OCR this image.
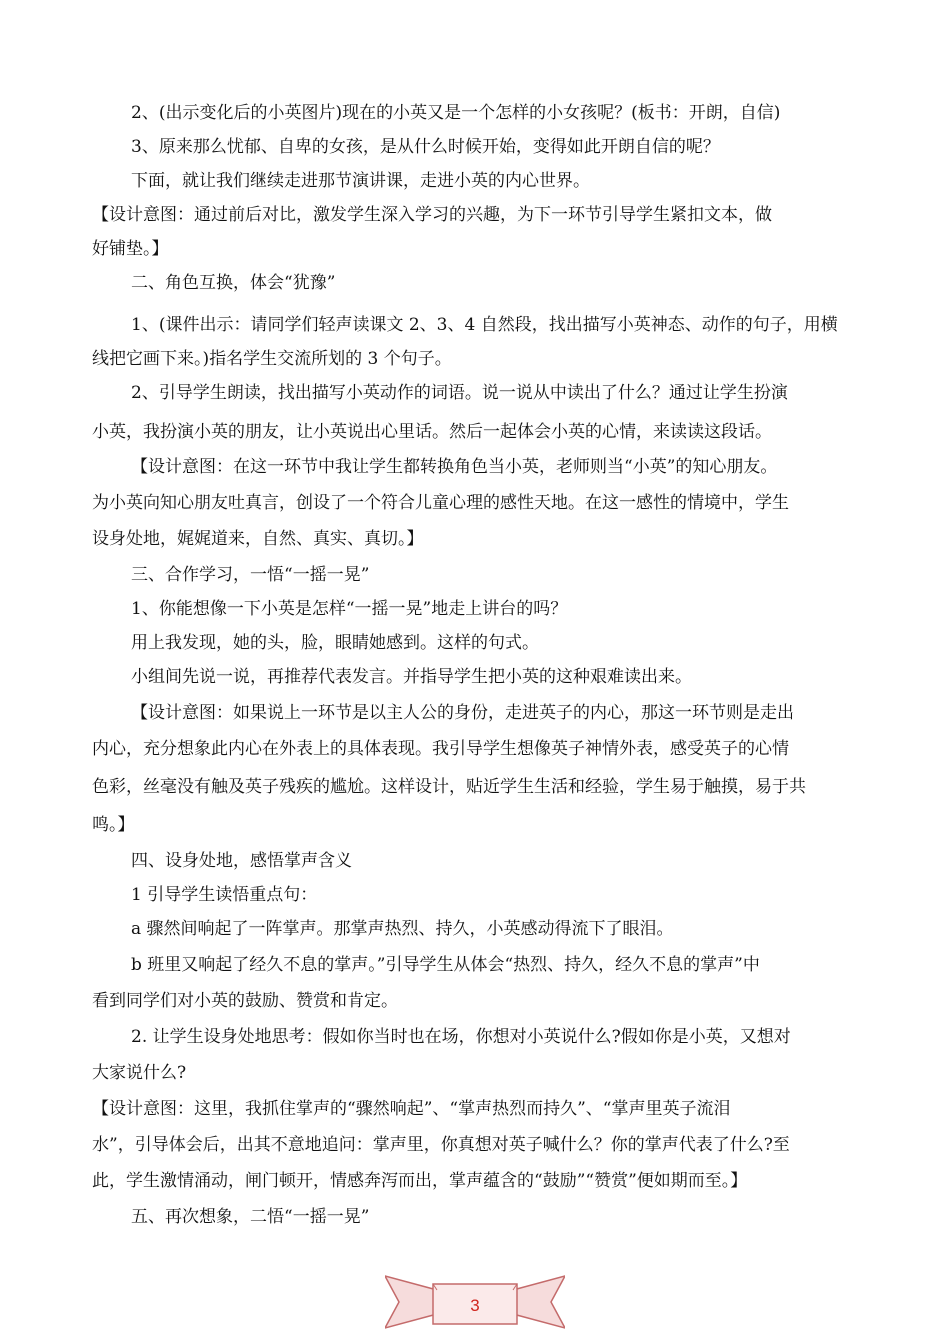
2、(出示变化后的小英图片)现在的小英又是一个怎样的小女孩呢？(板书：开朗，自信)
3、原来那么忧郁、自卑的女孩，是从什么时候开始，变得如此开朗自信的呢？
下面，就让我们继续走进那节演讲课，走进小英的内心世界。
【设计意图：通过前后对比，激发学生深入学习的兴趣，为下一环节引导学生紧扣文本，做
好铺垫。】
二、角色互换，体会“犹豫”
1、(课件出示：请同学们轻声读课文 2、3、4 自然段，找出描写小英神态、动作的句子，用横
线把它画下来。)指名学生交流所划的 3 个句子。
2、引导学生朗读，找出描写小英动作的词语。说一说从中读出了什么？通过让学生扮演
小英，我扮演小英的朋友，让小英说出心里话。然后一起体会小英的心情，来读读这段话。
【设计意图：在这一环节中我让学生都转换角色当小英，老师则当“小英”的知心朋友。
为小英向知心朋友吐真言，创设了一个符合儿童心理的感性天地。在这一感性的情境中，学生
设身处地，娓娓道来，自然、真实、真切。】
三、合作学习，一悟“一摇一晃”
1、你能想像一下小英是怎样“一摇一晃”地走上讲台的吗？
用上我发现，她的头，脸，眼睛她感到。这样的句式。
小组间先说一说，再推荐代表发言。并指导学生把小英的这种艰难读出来。
【设计意图：如果说上一环节是以主人公的身份，走进英子的内心，那这一环节则是走出
内心，充分想象此内心在外表上的具体表现。我引导学生想像英子神情外表，感受英子的心情
色彩，丝毫没有触及英子残疾的尴尬。这样设计，贴近学生生活和经验，学生易于触摸，易于共
鸣。】
四、设身处地，感悟掌声含义
1 引导学生读悟重点句：
a 骤然间响起了一阵掌声。那掌声热烈、持久，小英感动得流下了眼泪。
b 班里又响起了经久不息的掌声。”引导学生从体会“热烈、持久，经久不息的掌声”中
看到同学们对小英的鼓励、赞赏和肯定。
2. 让学生设身处地思考：假如你当时也在场，你想对小英说什么?假如你是小英，又想对
大家说什么?
【设计意图：这里，我抓住掌声的“骤然响起”、“掌声热烈而持久”、“掌声里英子流泪
水”，引导体会后，出其不意地追问：掌声里，你真想对英子喊什么？你的掌声代表了什么?至
此，学生激情涌动，闸门顿开，情感奔泻而出，掌声蕴含的“鼓励”“赞赏”便如期而至。】
五、再次想象，二悟“一摇一晃”
3
